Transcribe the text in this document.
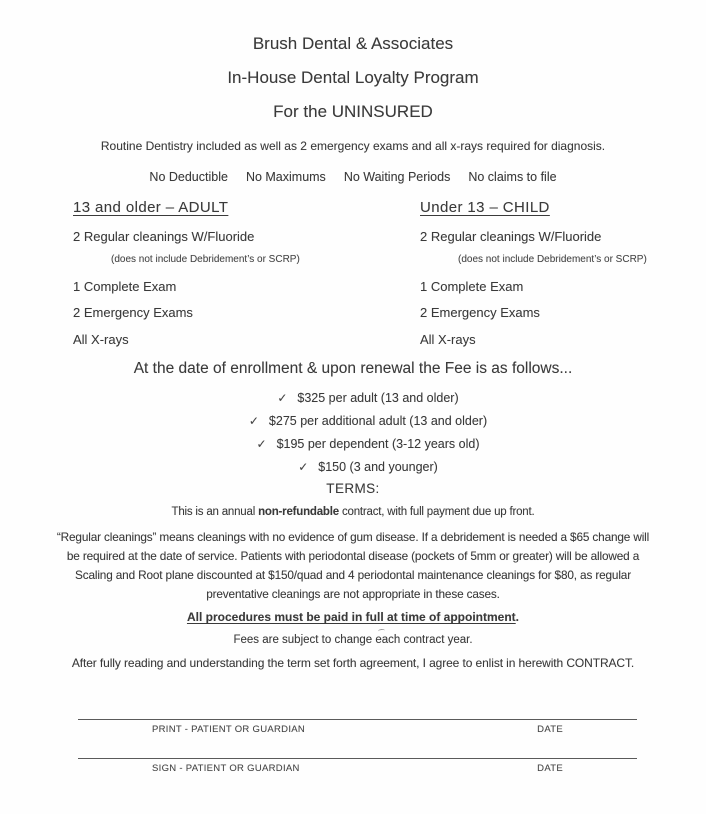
Brush Dental & Associates
In-House Dental Loyalty Program
For the UNINSURED
Routine Dentistry included as well as 2 emergency exams and all x-rays required for diagnosis.
No Deductible No Maximums No Waiting Periods No claims to file
13 and older – ADULT
2 Regular cleanings W/Fluoride
(does not include Debridement’s or SCRP)
1 Complete Exam
2 Emergency Exams
All X-rays
Under 13 – CHILD
2 Regular cleanings W/Fluoride
(does not include Debridement’s or SCRP)
1 Complete Exam
2 Emergency Exams
All X-rays
At the date of enrollment & upon renewal the Fee is as follows...
✓ $325 per adult (13 and older)
✓ $275 per additional adult (13 and older)
✓ $195 per dependent (3-12 years old)
✓ $150 (3 and younger)
TERMS:
This is an annual non-refundable contract, with full payment due up front.
“Regular cleanings” means cleanings with no evidence of gum disease. If a debridement is needed a $65 change will be required at the date of service. Patients with periodontal disease (pockets of 5mm or greater) will be allowed a Scaling and Root plane discounted at $150/quad and 4 periodontal maintenance cleanings for $80, as regular preventative cleanings are not appropriate in these cases.
All procedures must be paid in full at time of appointment.
Fees are subject to change each contract year.
After fully reading and understanding the term set forth agreement, I agree to enlist in herewith CONTRACT.
PRINT - PATIENT OR GUARDIAN	DATE
SIGN - PATIENT OR GUARDIAN	DATE
